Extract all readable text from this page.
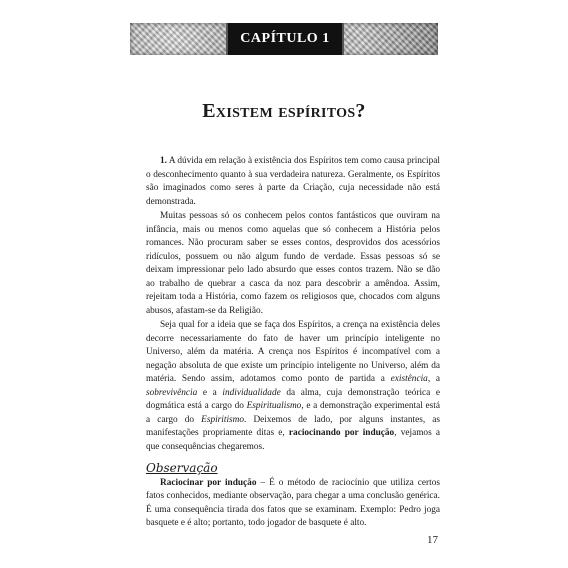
CAPÍTULO 1
Existem espíritos?

1. A dúvida em relação à existência dos Espíritos tem como causa principal o desconhecimento quanto à sua verdadeira natureza. Geralmente, os Espíritos são imaginados como seres à parte da Criação, cuja necessidade não está demonstrada.

Muitas pessoas só os conhecem pelos contos fantásticos que ouviram na infância, mais ou menos como aquelas que só conhecem a História pelos romances. Não procuram saber se esses contos, desprovidos dos acessórios ridículos, possuem ou não algum fundo de verdade. Essas pessoas só se deixam impressionar pelo lado absurdo que esses contos trazem. Não se dão ao trabalho de quebrar a casca da noz para descobrir a amêndoa. Assim, rejeitam toda a História, como fazem os religiosos que, chocados com alguns abusos, afastam-se da Religião.

Seja qual for a ideia que se faça dos Espíritos, a crença na existência deles decorre necessariamente do fato de haver um princípio inteligente no Universo, além da matéria. A crença nos Espíritos é incompatível com a negação absoluta de que existe um princípio inteligente no Universo, além da matéria. Sendo assim, adotamos como ponto de partida a existência, a sobrevivência e a individualidade da alma, cuja demonstração teórica e dogmática está a cargo do Espiritualismo, e a demonstração experimental está a cargo do Espiritismo. Deixemos de lado, por alguns instantes, as manifestações propriamente ditas e, raciocinando por indução, vejamos a que consequências chegaremos.

Observação

Raciocinar por indução – É o método de raciocínio que utiliza certos fatos conhecidos, mediante observação, para chegar a uma conclusão genérica. É uma consequência tirada dos fatos que se examinam. Exemplo: Pedro joga basquete e é alto; portanto, todo jogador de basquete é alto.

17
